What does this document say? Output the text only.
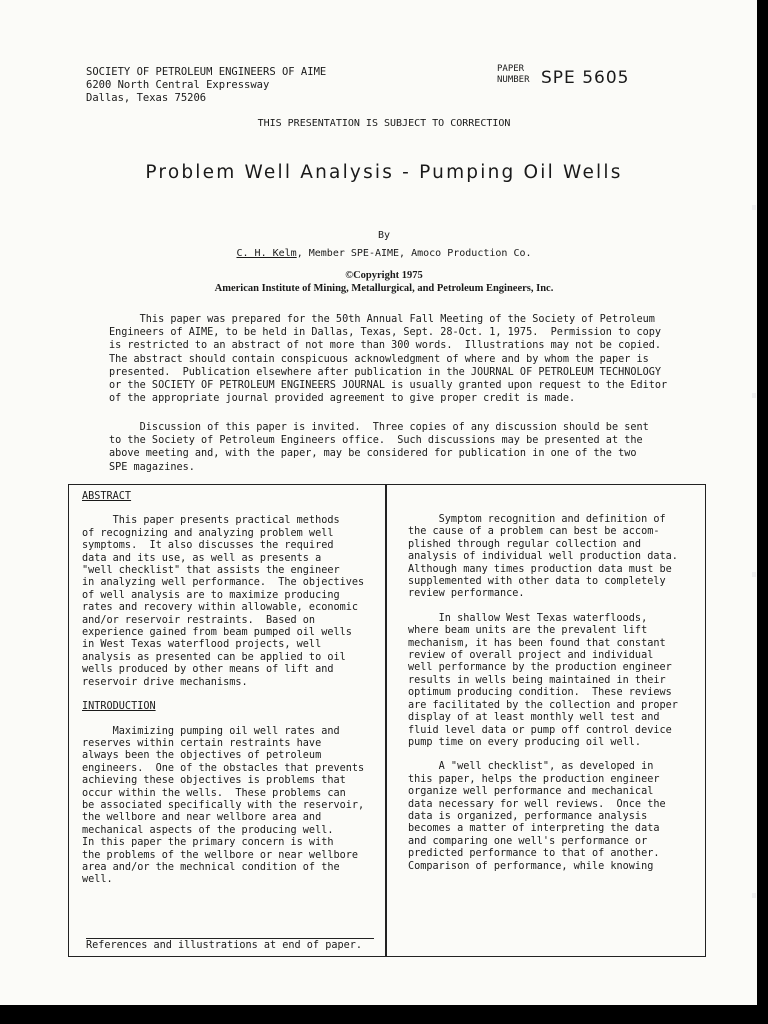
SOCIETY OF PETROLEUM ENGINEERS OF AIME
6200 North Central Expressway
Dallas, Texas 75206
PAPER
NUMBER SPE 5605
THIS PRESENTATION IS SUBJECT TO CORRECTION
Problem Well Analysis - Pumping Oil Wells
By
C. H. Kelm, Member SPE-AIME, Amoco Production Co.
©Copyright 1975
American Institute of Mining, Metallurgical, and Petroleum Engineers, Inc.
This paper was prepared for the 50th Annual Fall Meeting of the Society of Petroleum
Engineers of AIME, to be held in Dallas, Texas, Sept. 28-Oct. 1, 1975.  Permission to copy
is restricted to an abstract of not more than 300 words.  Illustrations may not be copied.
The abstract should contain conspicuous acknowledgment of where and by whom the paper is
presented.  Publication elsewhere after publication in the JOURNAL OF PETROLEUM TECHNOLOGY
or the SOCIETY OF PETROLEUM ENGINEERS JOURNAL is usually granted upon request to the Editor
of the appropriate journal provided agreement to give proper credit is made.
Discussion of this paper is invited.  Three copies of any discussion should be sent
to the Society of Petroleum Engineers office.  Such discussions may be presented at the
above meeting and, with the paper, may be considered for publication in one of the two
SPE magazines.
ABSTRACT
This paper presents practical methods
of recognizing and analyzing problem well
symptoms.  It also discusses the required
data and its use, as well as presents a
"well checklist" that assists the engineer
in analyzing well performance.  The objectives
of well analysis are to maximize producing
rates and recovery within allowable, economic
and/or reservoir restraints.  Based on
experience gained from beam pumped oil wells
in West Texas waterflood projects, well
analysis as presented can be applied to oil
wells produced by other means of lift and
reservoir drive mechanisms.
INTRODUCTION
Maximizing pumping oil well rates and
reserves within certain restraints have
always been the objectives of petroleum
engineers.  One of the obstacles that prevents
achieving these objectives is problems that
occur within the wells.  These problems can
be associated specifically with the reservoir,
the wellbore and near wellbore area and
mechanical aspects of the producing well.
In this paper the primary concern is with
the problems of the wellbore or near wellbore
area and/or the mechnical condition of the
well.
References and illustrations at end of paper.
Symptom recognition and definition of
the cause of a problem can best be accom-
plished through regular collection and
analysis of individual well production data.
Although many times production data must be
supplemented with other data to completely
review performance.
In shallow West Texas waterfloods,
where beam units are the prevalent lift
mechanism, it has been found that constant
review of overall project and individual
well performance by the production engineer
results in wells being maintained in their
optimum producing condition.  These reviews
are facilitated by the collection and proper
display of at least monthly well test and
fluid level data or pump off control device
pump time on every producing oil well.
A "well checklist", as developed in
this paper, helps the production engineer
organize well performance and mechanical
data necessary for well reviews.  Once the
data is organized, performance analysis
becomes a matter of interpreting the data
and comparing one well's performance or
predicted performance to that of another.
Comparison of performance, while knowing
